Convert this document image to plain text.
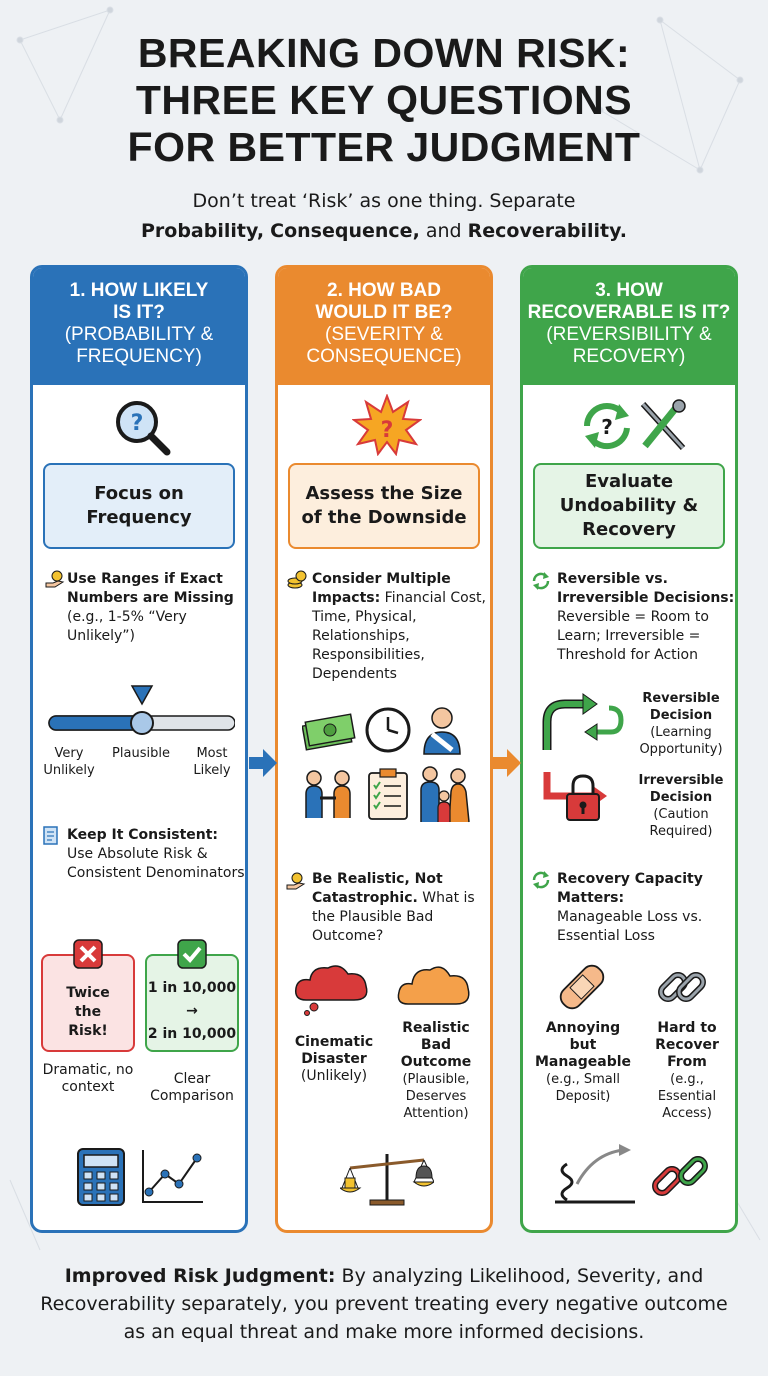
BREAKING DOWN RISK:
THREE KEY QUESTIONS
FOR BETTER JUDGMENT
Don’t treat ‘Risk’ as one thing. Separate
Probability, Consequence, and Recoverability.
1. HOW LIKELY
IS IT?
(PROBABILITY &
FREQUENCY)
?
Focus on Frequency
Use Ranges if Exact Numbers are Missing
(e.g., 1-5% “Very Unlikely”)
Very Unlikely
Plausible	Most Likely
Keep It Consistent:
Use Absolute Risk & Consistent Denominators
Twice the Risk!
1 in 10,000
→
2 in 10,000
Dramatic, no context	Clear Comparison
2. HOW BAD
WOULD IT BE?
(SEVERITY &
CONSEQUENCE)
?
Assess the Size of the Downside
Consider Multiple Impacts: Financial Cost, Time, Physical, Relationships, Responsibilities, Dependents
Be Realistic, Not Catastrophic. What is the Plausible Bad Outcome?
Cinematic Disaster
(Unlikely)
Realistic Bad Outcome
(Plausible, Deserves Attention)
3. HOW
RECOVERABLE IS IT?
(REVERSIBILITY &
RECOVERY)
?
Evaluate Undoability & Recovery
Reversible vs. Irreversible Decisions:
Reversible = Room to Learn; Irreversible = Threshold for Action
Reversible Decision
(Learning Opportunity)
Irreversible Decision
(Caution Required)
Recovery Capacity Matters:
Manageable Loss vs. Essential Loss
Annoying but Manageable
(e.g., Small Deposit)
Hard to Recover From
(e.g., Essential Access)
Improved Risk Judgment: By analyzing Likelihood, Severity, and Recoverability separately, you prevent treating every negative outcome as an equal threat and make more informed decisions.
